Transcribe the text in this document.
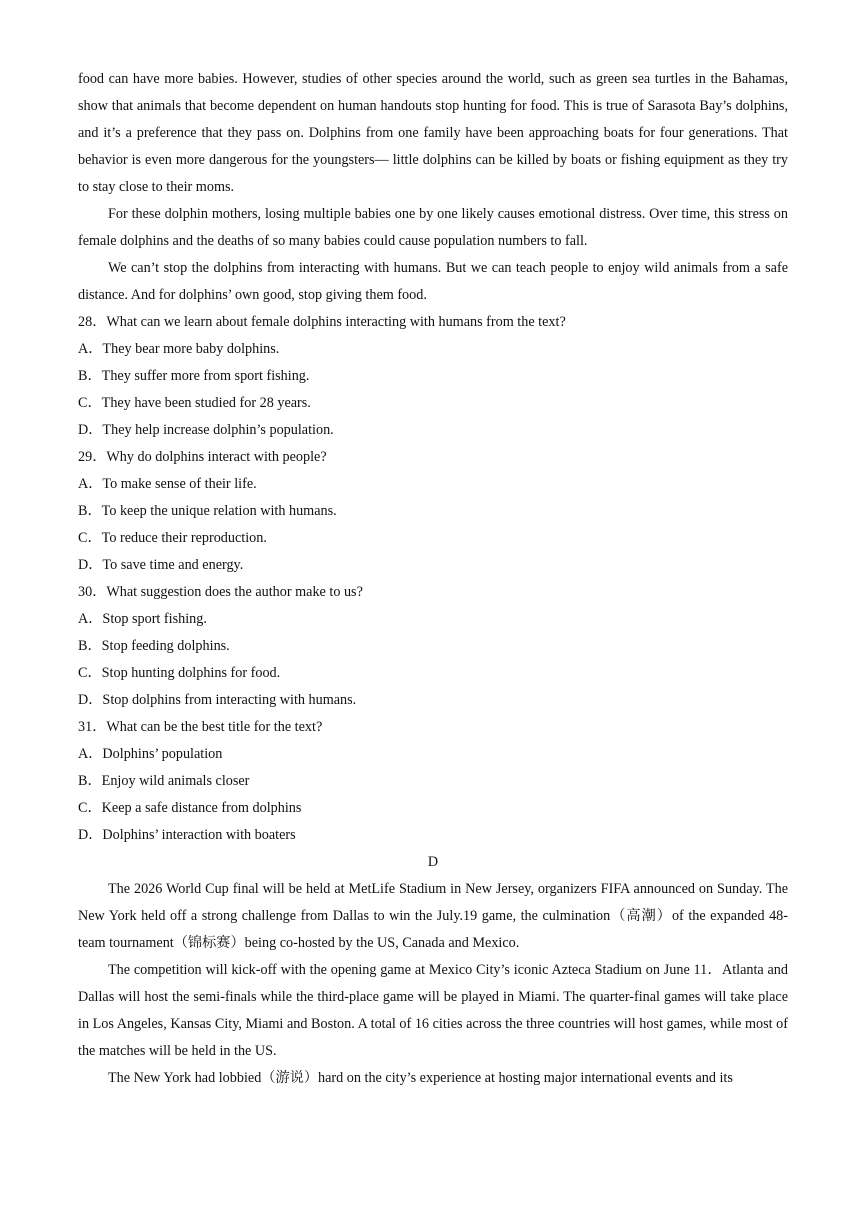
food can have more babies. However, studies of other species around the world, such as green sea turtles in the Bahamas, show that animals that become dependent on human handouts stop hunting for food. This is true of Sarasota Bay’s dolphins, and it’s a preference that they pass on. Dolphins from one family have been approaching boats for four generations. That behavior is even more dangerous for the youngsters— little dolphins can be killed by boats or fishing equipment as they try to stay close to their moms.

For these dolphin mothers, losing multiple babies one by one likely causes emotional distress. Over time, this stress on female dolphins and the deaths of so many babies could cause population numbers to fall.

We can’t stop the dolphins from interacting with humans. But we can teach people to enjoy wild animals from a safe distance. And for dolphins’ own good, stop giving them food.

28．What can we learn about female dolphins interacting with humans from the text?

A．They bear more baby dolphins.

B．They suffer more from sport fishing.

C．They have been studied for 28 years.

D．They help increase dolphin’s population.

29．Why do dolphins interact with people?

A．To make sense of their life.

B．To keep the unique relation with humans.

C．To reduce their reproduction.

D．To save time and energy.

30．What suggestion does the author make to us?

A．Stop sport fishing.

B．Stop feeding dolphins.

C．Stop hunting dolphins for food.

D．Stop dolphins from interacting with humans.

31．What can be the best title for the text?

A．Dolphins’ population

B．Enjoy wild animals closer

C．Keep a safe distance from dolphins

D．Dolphins’ interaction with boaters

D

The 2026 World Cup final will be held at MetLife Stadium in New Jersey, organizers FIFA announced on Sunday. The New York held off a strong challenge from Dallas to win the July.19 game, the culmination（高潮）of the expanded 48-team tournament（锦标赛）being co-hosted by the US, Canada and Mexico.

The competition will kick-off with the opening game at Mexico City’s iconic Azteca Stadium on June 11．Atlanta and Dallas will host the semi-finals while the third-place game will be played in Miami. The quarter-final games will take place in Los Angeles, Kansas City, Miami and Boston. A total of 16 cities across the three countries will host games, while most of the matches will be held in the US.

The New York had lobbied（游说）hard on the city’s experience at hosting major international events and its
